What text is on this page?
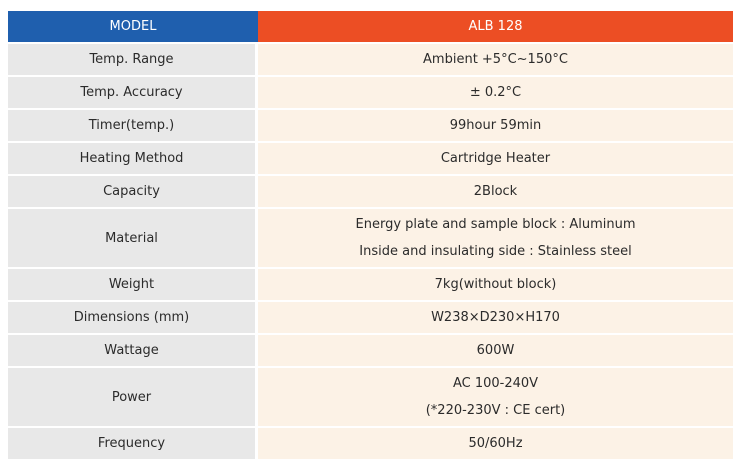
MODEL	ALB 128
Temp. Range	Ambient +5°C~150°C
Temp. Accuracy	± 0.2°C
Timer(temp.)	99hour 59min
Heating Method	Cartridge Heater
Capacity	2Block
Material	Energy plate and sample block : Aluminum
Inside and insulating side : Stainless steel

Weight	7kg(without block)
Dimensions (mm)	W238×D230×H170
Wattage	600W
Power	AC 100-240V
(*220-230V : CE cert)

Frequency	50/60Hz
